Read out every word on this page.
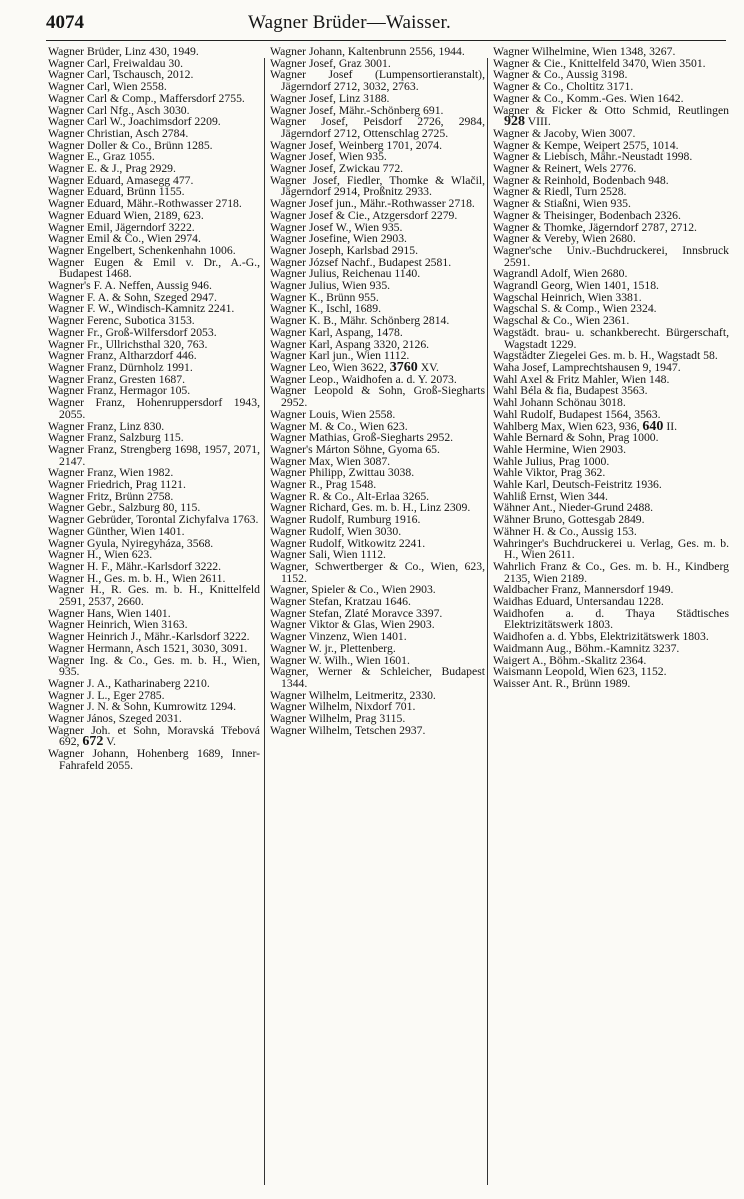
4074	Wagner Brüder—Waisser.
Wagner Brüder, Linz 430, 1949.
Wagner Carl, Freiwaldau 30.
Wagner Carl, Tschausch, 2012.
Wagner Carl, Wien 2558.
Wagner Carl & Comp., Maffersdorf 2755.
Wagner Carl Nfg., Asch 3030.
Wagner Carl W., Joachimsdorf 2209.
Wagner Christian, Asch 2784.
Wagner Doller & Co., Brünn 1285.
Wagner E., Graz 1055.
Wagner E. & J., Prag 2929.
Wagner Eduard, Amasegg 477.
Wagner Eduard, Brünn 1155.
Wagner Eduard, Mähr.-Rothwasser 2718.
Wagner Eduard Wien, 2189, 623.
Wagner Emil, Jägerndorf 3222.
Wagner Emil & Co., Wien 2974.
Wagner Engelbert, Schenkenhahn 1006.
Wagner Eugen & Emil v. Dr., A.-G., Budapest 1468.
Wagner's F. A. Neffen, Aussig 946.
Wagner F. A. & Sohn, Szeged 2947.
Wagner F. W., Windisch-Kamnitz 2241.
Wagner Ferenc, Subotica 3153.
Wagner Fr., Groß-Wilfersdorf 2053.
Wagner Fr., Ullrichsthal 320, 763.
Wagner Franz, Altharzdorf 446.
Wagner Franz, Dürnholz 1991.
Wagner Franz, Gresten 1687.
Wagner Franz, Hermagor 105.
Wagner Franz, Hohenruppersdorf 1943, 2055.
Wagner Franz, Linz 830.
Wagner Franz, Salzburg 115.
Wagner Franz, Strengberg 1698, 1957, 2071, 2147.
Wagner Franz, Wien 1982.
Wagner Friedrich, Prag 1121.
Wagner Fritz, Brünn 2758.
Wagner Gebr., Salzburg 80, 115.
Wagner Gebrüder, Torontal Zichyfalva 1763.
Wagner Günther, Wien 1401.
Wagner Gyula, Nyiregyháza, 3568.
Wagner H., Wien 623.
Wagner H. F., Mähr.-Karlsdorf 3222.
Wagner H., Ges. m. b. H., Wien 2611.
Wagner H., R. Ges. m. b. H., Knittelfeld 2591, 2537, 2660.
Wagner Hans, Wien 1401.
Wagner Heinrich, Wien 3163.
Wagner Heinrich J., Mähr.-Karlsdorf 3222.
Wagner Hermann, Asch 1521, 3030, 3091.
Wagner Ing. & Co., Ges. m. b. H., Wien, 935.
Wagner J. A., Katharinaberg 2210.
Wagner J. L., Eger 2785.
Wagner J. N. & Sohn, Kumrowitz 1294.
Wagner János, Szeged 2031.
Wagner Joh. et Sohn, Moravská Třebová 692, 672 V.
Wagner Johann, Hohenberg 1689, Inner-Fahrafeld 2055.
Wagner Johann, Kaltenbrunn 2556, 1944.
Wagner Josef, Graz 3001.
Wagner Josef (Lumpensortieranstalt), Jägerndorf 2712, 3032, 2763.
Wagner Josef, Linz 3188.
Wagner Josef, Mähr.-Schönberg 691.
Wagner Josef, Peisdorf 2726, 2984, Jägerndorf 2712, Ottenschlag 2725.
Wagner Josef, Weinberg 1701, 2074.
Wagner Josef, Wien 935.
Wagner Josef, Zwickau 772.
Wagner Josef, Fiedler, Thomke & Wlačil, Jägerndorf 2914, Proßnitz 2933.
Wagner Josef jun., Mähr.-Rothwasser 2718.
Wagner Josef & Cie., Atzgersdorf 2279.
Wagner Josef W., Wien 935.
Wagner Josefine, Wien 2903.
Wagner Joseph, Karlsbad 2915.
Wagner József Nachf., Budapest 2581.
Wagner Julius, Reichenau 1140.
Wagner Julius, Wien 935.
Wagner K., Brünn 955.
Wagner K., Ischl, 1689.
Wagner K. B., Mähr. Schönberg 2814.
Wagner Karl, Aspang, 1478.
Wagner Karl, Aspang 3320, 2126.
Wagner Karl jun., Wien 1112.
Wagner Leo, Wien 3622, 3760 XV.
Wagner Leop., Waidhofen a. d. Y. 2073.
Wagner Leopold & Sohn, Groß-Siegharts 2952.
Wagner Louis, Wien 2558.
Wagner M. & Co., Wien 623.
Wagner Mathias, Groß-Siegharts 2952.
Wagner's Márton Söhne, Gyoma 65.
Wagner Max, Wien 3087.
Wagner Philipp, Zwittau 3038.
Wagner R., Prag 1548.
Wagner R. & Co., Alt-Erlaa 3265.
Wagner Richard, Ges. m. b. H., Linz 2309.
Wagner Rudolf, Rumburg 1916.
Wagner Rudolf, Wien 3030.
Wagner Rudolf, Witkowitz 2241.
Wagner Sali, Wien 1112.
Wagner, Schwertberger & Co., Wien, 623, 1152.
Wagner, Spieler & Co., Wien 2903.
Wagner Stefan, Kratzau 1646.
Wagner Stefan, Zlaté Moravce 3397.
Wagner Viktor & Glas, Wien 2903.
Wagner Vinzenz, Wien 1401.
Wagner W. jr., Plettenberg.
Wagner W. Wilh., Wien 1601.
Wagner, Werner & Schleicher, Budapest 1344.
Wagner Wilhelm, Leitmeritz, 2330.
Wagner Wilhelm, Nixdorf 701.
Wagner Wilhelm, Prag 3115.
Wagner Wilhelm, Tetschen 2937.
Wagner Wilhelmine, Wien 1348, 3267.
Wagner & Cie., Knittelfeld 3470, Wien 3501.
Wagner & Co., Aussig 3198.
Wagner & Co., Choltitz 3171.
Wagner & Co., Komm.-Ges. Wien 1642.
Wagner & Ficker & Otto Schmid, Reutlingen 928 VIII.
Wagner & Jacoby, Wien 3007.
Wagner & Kempe, Weipert 2575, 1014.
Wagner & Liebisch, Mähr.-Neustadt 1998.
Wagner & Reinert, Wels 2776.
Wagner & Reinhold, Bodenbach 948.
Wagner & Riedl, Turn 2528.
Wagner & Stiaßni, Wien 935.
Wagner & Theisinger, Bodenbach 2326.
Wagner & Thomke, Jägerndorf 2787, 2712.
Wagner & Vereby, Wien 2680.
Wagner'sche Univ.-Buchdruckerei, Innsbruck 2591.
Wagrandl Adolf, Wien 2680.
Wagrandl Georg, Wien 1401, 1518.
Wagschal Heinrich, Wien 3381.
Wagschal S. & Comp., Wien 2324.
Wagschal & Co., Wien 2361.
Wagstädt. brau- u. schankberecht. Bürgerschaft, Wagstadt 1229.
Wagstädter Ziegelei Ges. m. b. H., Wagstadt 58.
Waha Josef, Lamprechtshausen 9, 1947.
Wahl Axel & Fritz Mahler, Wien 148.
Wahl Béla & fia, Budapest 3563.
Wahl Johann Schönau 3018.
Wahl Rudolf, Budapest 1564, 3563.
Wahlberg Max, Wien 623, 936, 640 II.
Wahle Bernard & Sohn, Prag 1000.
Wahle Hermine, Wien 2903.
Wahle Julius, Prag 1000.
Wahle Viktor, Prag 362.
Wahle Karl, Deutsch-Feistritz 1936.
Wahliß Ernst, Wien 344.
Wähner Ant., Nieder-Grund 2488.
Wähner Bruno, Gottesgab 2849.
Wähner H. & Co., Aussig 153.
Wahringer's Buchdruckerei u. Verlag, Ges. m. b. H., Wien 2611.
Wahrlich Franz & Co., Ges. m. b. H., Kindberg 2135, Wien 2189.
Waldbacher Franz, Mannersdorf 1949.
Waidhas Eduard, Untersandau 1228.
Waidhofen a. d. Thaya Städtisches Elektrizitätswerk 1803.
Waidhofen a. d. Ybbs, Elektrizitätswerk 1803.
Waidmann Aug., Böhm.-Kamnitz 3237.
Waigert A., Böhm.-Skalitz 2364.
Waismann Leopold, Wien 623, 1152.
Waisser Ant. R., Brünn 1989.
